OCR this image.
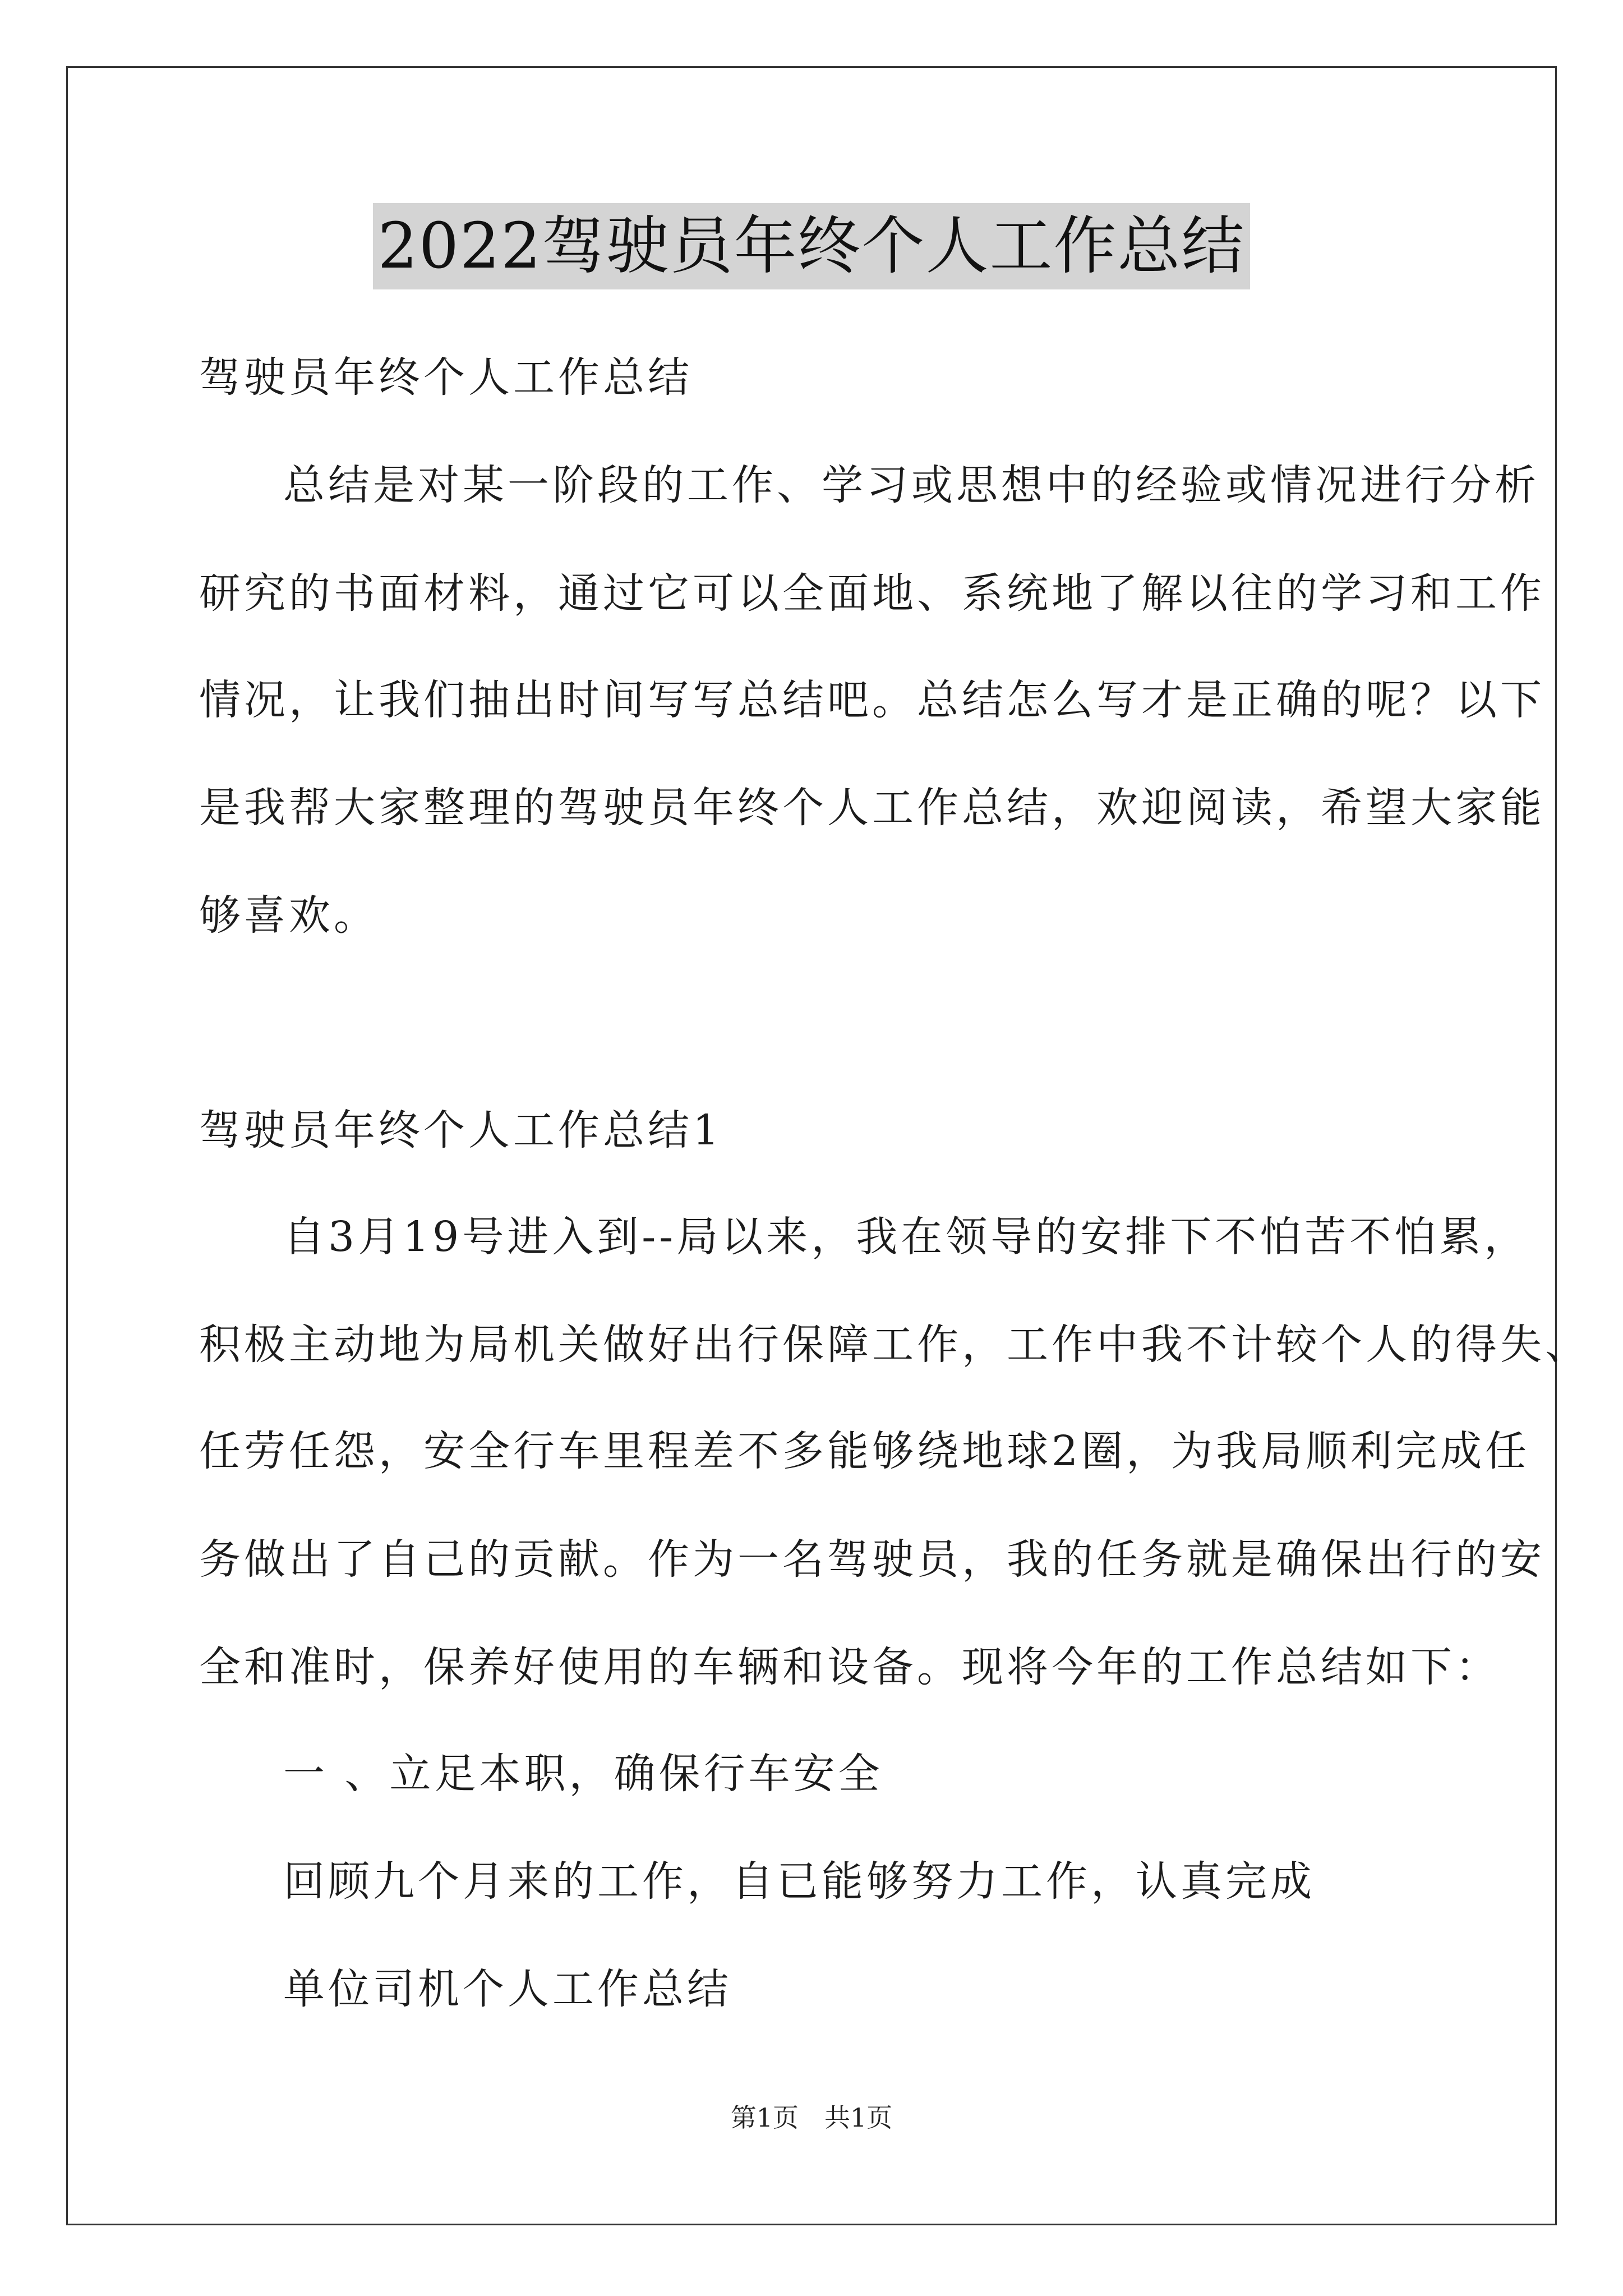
2022驾驶员年终个人工作总结
驾驶员年终个人工作总结
总结是对某一阶段的工作、学习或思想中的经验或情况进行分析
研究的书面材料，通过它可以全面地、系统地了解以往的学习和工作
情况，让我们抽出时间写写总结吧。总结怎么写才是正确的呢？以下
是我帮大家整理的驾驶员年终个人工作总结，欢迎阅读，希望大家能
够喜欢。
驾驶员年终个人工作总结1
自3月19号进入到--局以来，我在领导的安排下不怕苦不怕累，
积极主动地为局机关做好出行保障工作，工作中我不计较个人的得失、
任劳任怨，安全行车里程差不多能够绕地球2圈，为我局顺利完成任
务做出了自己的贡献。作为一名驾驶员，我的任务就是确保出行的安
全和准时，保养好使用的车辆和设备。现将今年的工作总结如下：
一 、立足本职，确保行车安全
回顾九个月来的工作，自已能够努力工作，认真完成
单位司机个人工作总结
第1页　共1页
